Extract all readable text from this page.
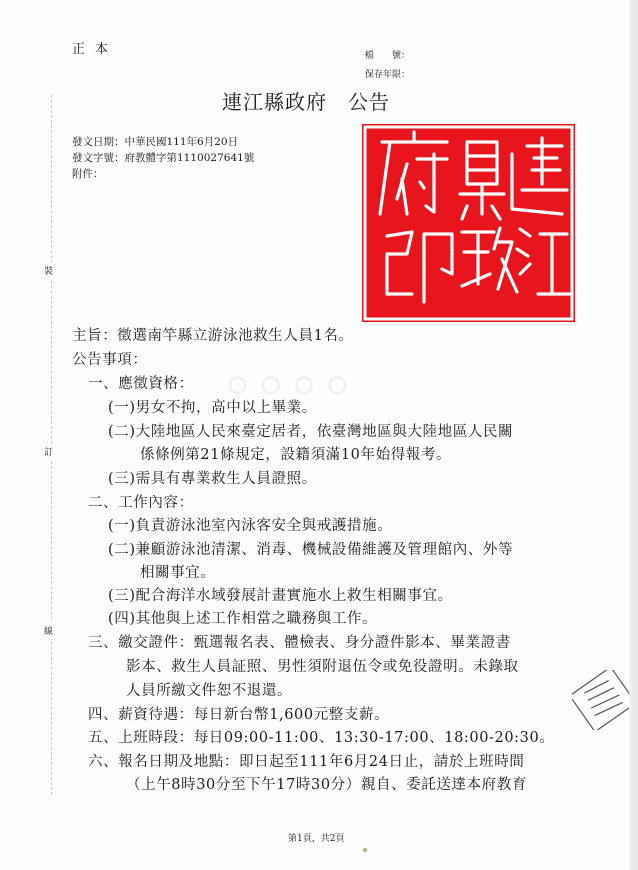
正本	檔　　號：
保存年限：
連江縣政府　公告
發文日期：中華民國111年6月20日
發文字號：府教體字第1110027641號
附件：
裝
訂
線
○○○○
主旨：徵選南竿縣立游泳池救生人員1名。
公告事項：
一、應徵資格：
(一)男女不拘，高中以上畢業。
(二)大陸地區人民來臺定居者，依臺灣地區與大陸地區人民關
係條例第21條規定，設籍須滿10年始得報考。
(三)需具有專業救生人員證照。
二、工作內容：
(一)負責游泳池室內泳客安全與戒護措施。
(二)兼顧游泳池清潔、消毒、機械設備維護及管理館內、外等
相關事宜。
(三)配合海洋水域發展計畫實施水上救生相關事宜。
(四)其他與上述工作相當之職務與工作。
三、繳交證件：甄選報名表、體檢表、身分證件影本、畢業證書
影本、救生人員証照、男性須附退伍令或免役證明。未錄取
人員所繳文件恕不退還。
四、薪資待遇：每日新台幣1,600元整支薪。
五、上班時段：每日09:00-11:00、13:30-17:00、18:00-20:30。
六、報名日期及地點：即日起至111年6月24日止，請於上班時間
（上午8時30分至下午17時30分）親自、委託送達本府教育
第1頁，共2頁
